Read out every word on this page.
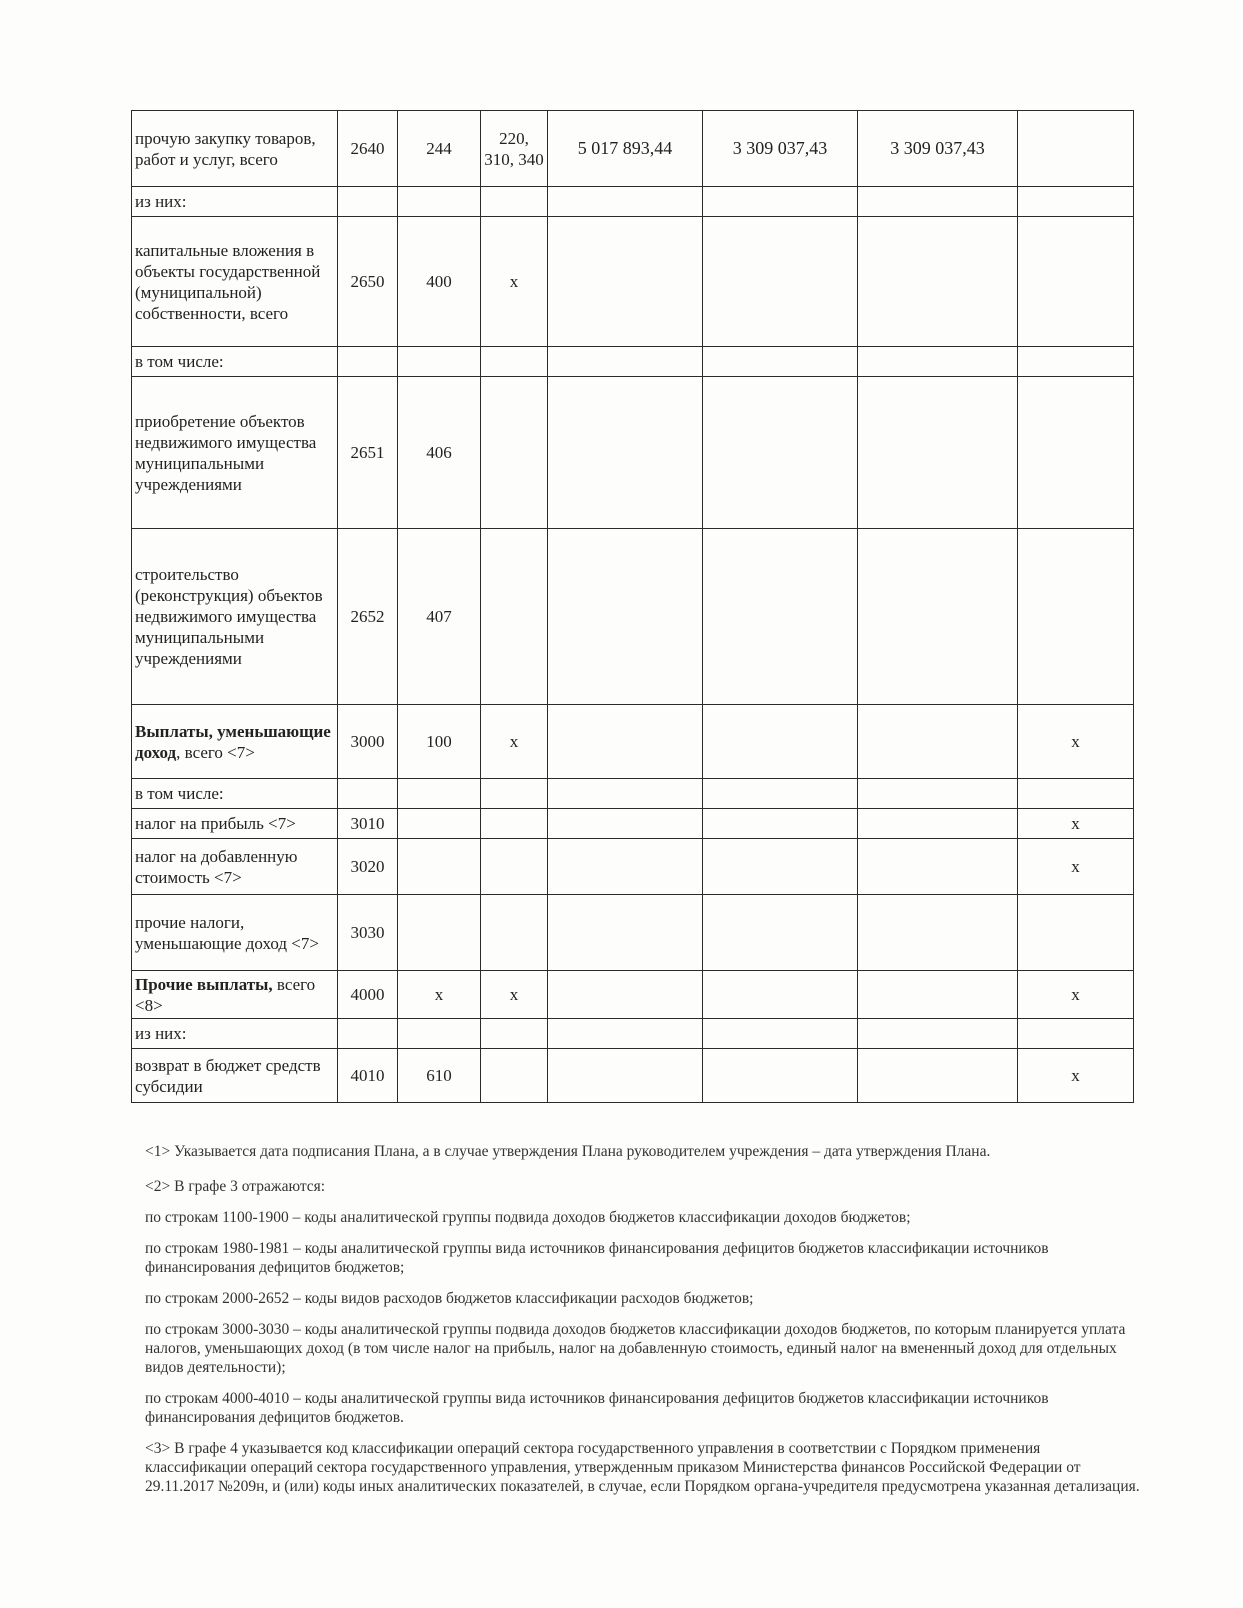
прочую закупку товаров, работ и услуг, всего	2640	244	220, 310, 340	5 017 893,44	3 309 037,43	3 309 037,43	
из них:							
капитальные вложения в объекты государственной (муниципальной) собственности, всего	2650	400	х				
в том числе:							
приобретение объектов недвижимого имущества муниципальными учреждениями	2651	406					
строительство (реконструкция) объектов недвижимого имущества муниципальными учреждениями	2652	407					
Выплаты, уменьшающие доход, всего <7>	3000	100	х				х
в том числе:							
налог на прибыль <7>	3010						х
налог на добавленную стоимость <7>	3020						х
прочие налоги, уменьшающие доход <7>	3030						
Прочие выплаты, всего <8>	4000	х	х				х
из них:							
возврат в бюджет средств субсидии	4010	610					х

<1> Указывается дата подписания Плана, а в случае утверждения Плана руководителем учреждения – дата утверждения Плана.

<2> В графе 3 отражаются:

по строкам 1100-1900 – коды аналитической группы подвида доходов бюджетов классификации доходов бюджетов;

по строкам 1980-1981 – коды аналитической группы вида источников финансирования дефицитов бюджетов классификации источников финансирования дефицитов бюджетов;

по строкам 2000-2652 – коды видов расходов бюджетов классификации расходов бюджетов;

по строкам 3000-3030 – коды аналитической группы подвида доходов бюджетов классификации доходов бюджетов, по которым планируется уплата налогов, уменьшающих доход (в том числе налог на прибыль, налог на добавленную стоимость, единый налог на вмененный доход для отдельных видов деятельности);

по строкам 4000-4010 – коды аналитической группы вида источников финансирования дефицитов бюджетов классификации источников финансирования дефицитов бюджетов.

<3> В графе 4 указывается код классификации операций сектора государственного управления в соответствии с Порядком применения классификации операций сектора государственного управления, утвержденным приказом Министерства финансов Российской Федерации от 29.11.2017 №209н, и (или) коды иных аналитических показателей, в случае, если Порядком органа-учредителя предусмотрена указанная детализация.
